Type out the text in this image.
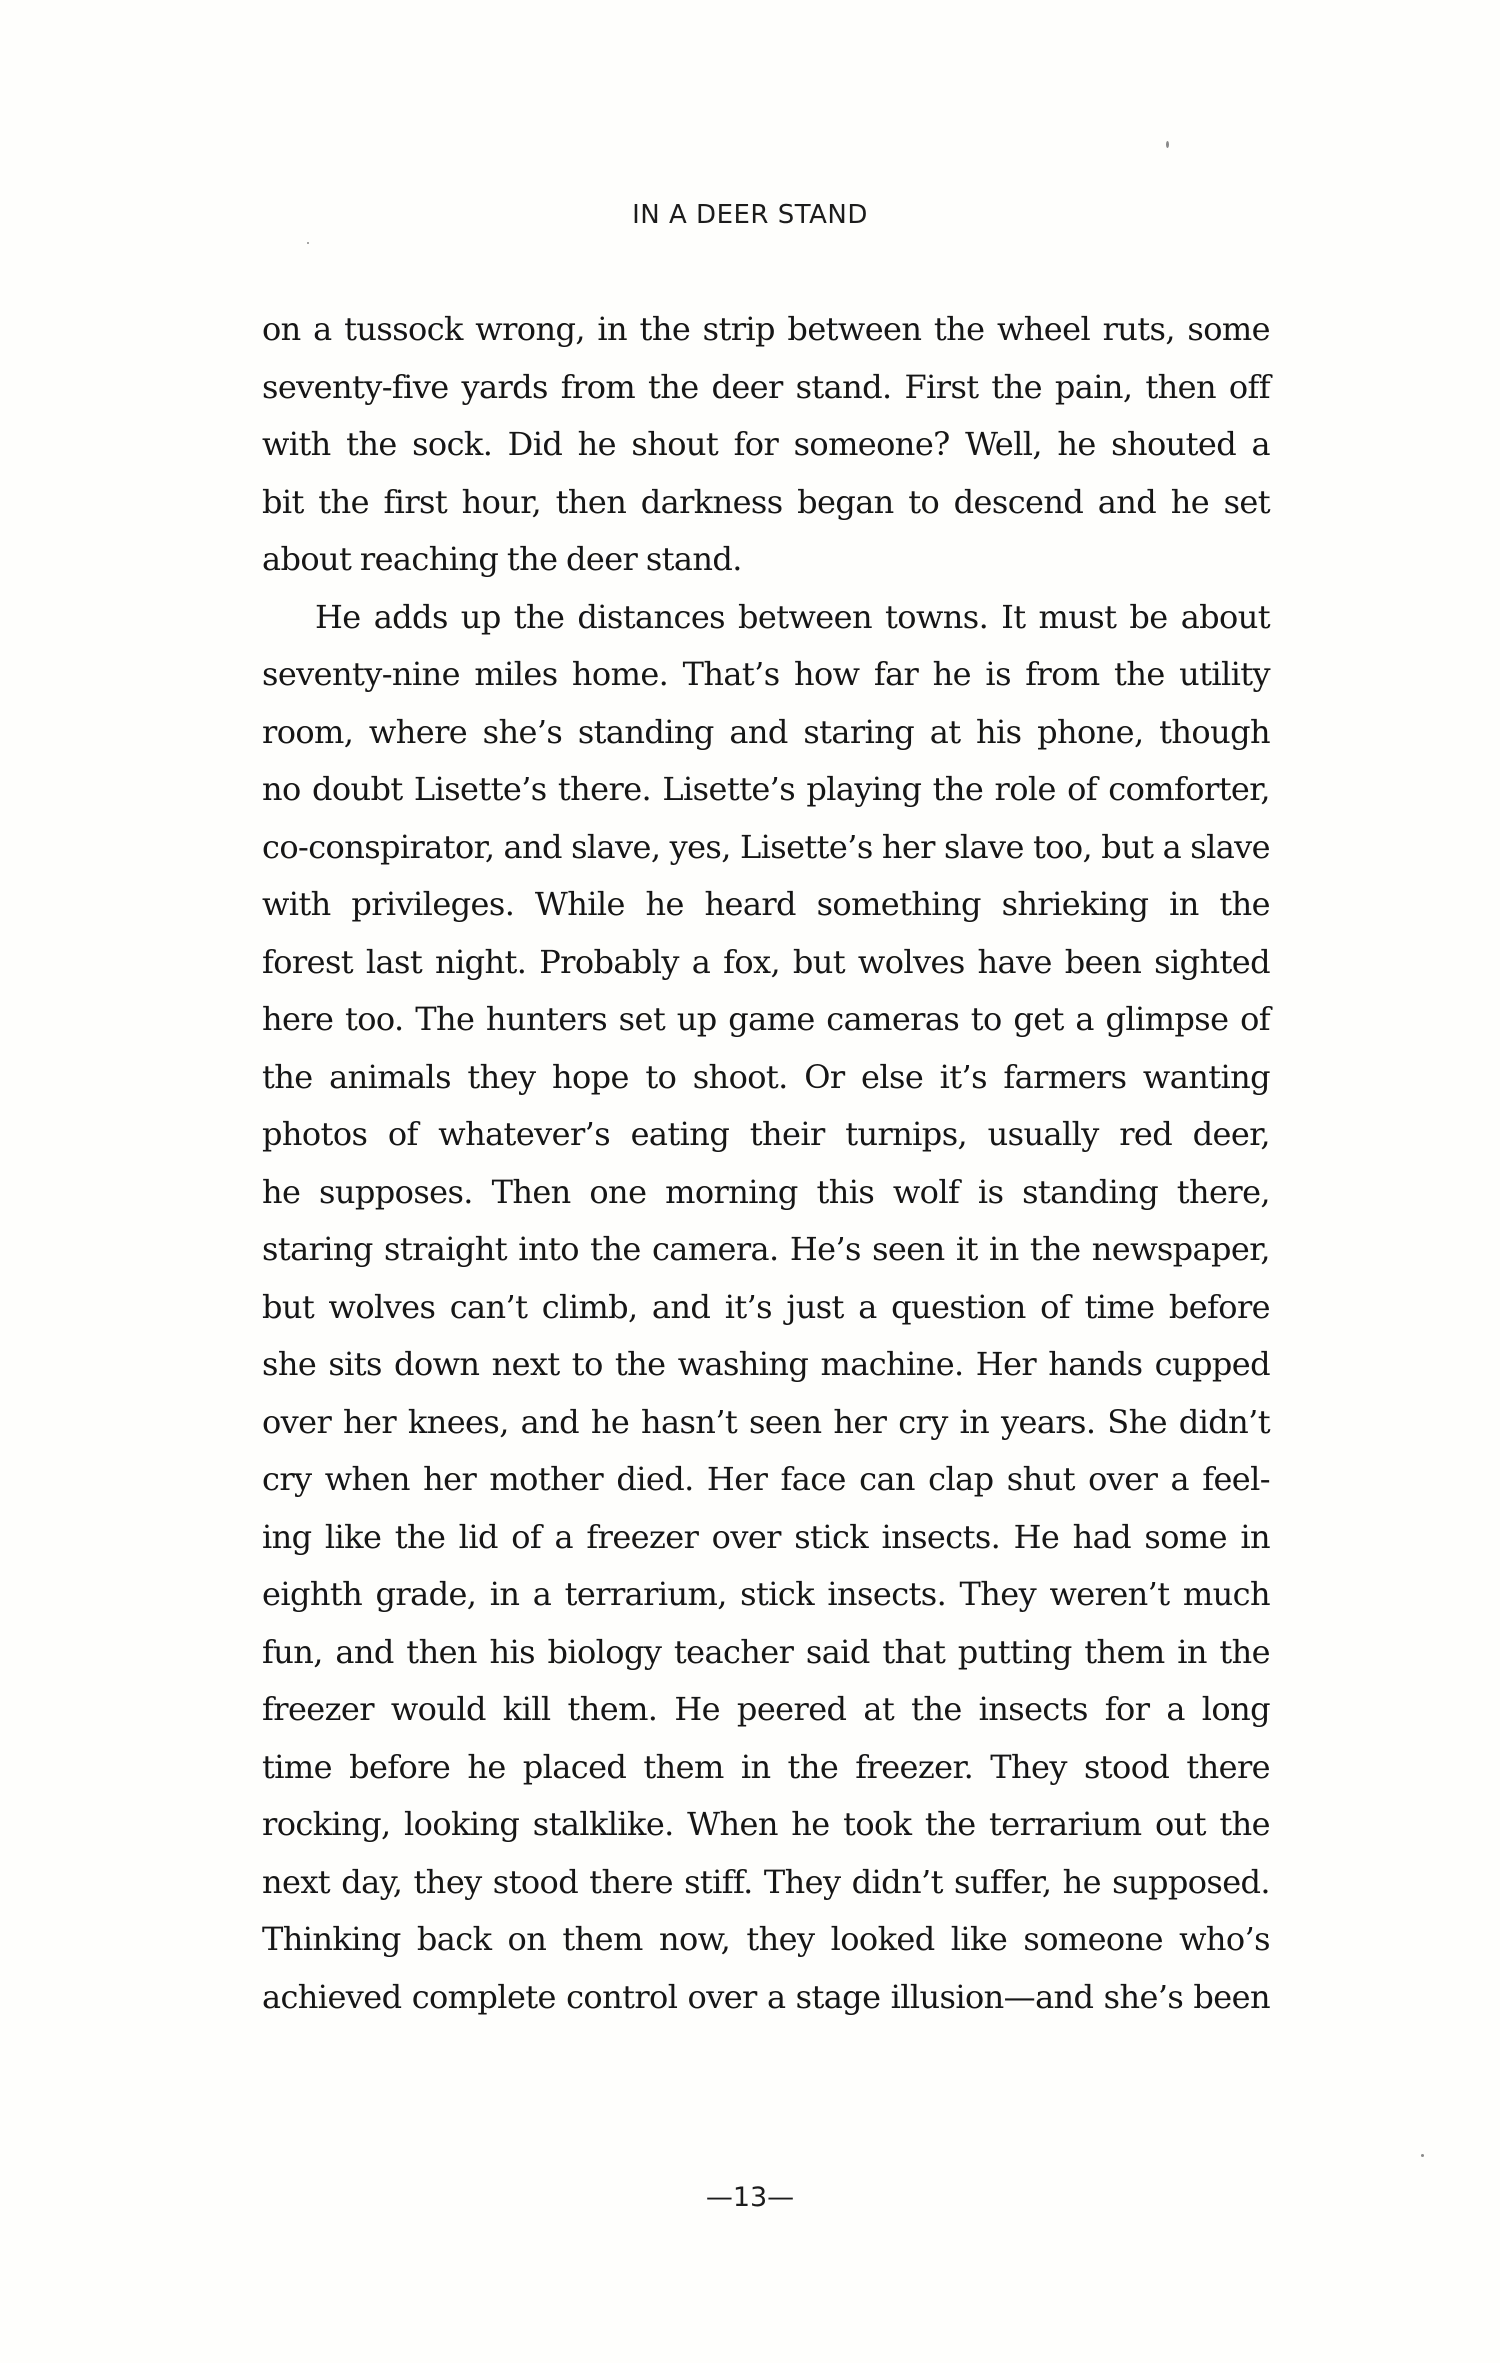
IN A DEER STAND
on a tussock wrong, in the strip between the wheel ruts, some
seventy-five yards from the deer stand. First the pain, then off
with the sock. Did he shout for someone? Well, he shouted a
bit the first hour, then darkness began to descend and he set
about reaching the deer stand.
He adds up the distances between towns. It must be about
seventy-nine miles home. That’s how far he is from the utility
room, where she’s standing and staring at his phone, though
no doubt Lisette’s there. Lisette’s playing the role of comforter,
co-conspirator, and slave, yes, Lisette’s her slave too, but a slave
with privileges. While he heard something shrieking in the
forest last night. Probably a fox, but wolves have been sighted
here too. The hunters set up game cameras to get a glimpse of
the animals they hope to shoot. Or else it’s farmers wanting
photos of whatever’s eating their turnips, usually red deer,
he supposes. Then one morning this wolf is standing there,
staring straight into the camera. He’s seen it in the newspaper,
but wolves can’t climb, and it’s just a question of time before
she sits down next to the washing machine. Her hands cupped
over her knees, and he hasn’t seen her cry in years. She didn’t
cry when her mother died. Her face can clap shut over a feel-
ing like the lid of a freezer over stick insects. He had some in
eighth grade, in a terrarium, stick insects. They weren’t much
fun, and then his biology teacher said that putting them in the
freezer would kill them. He peered at the insects for a long
time before he placed them in the freezer. They stood there
rocking, looking stalklike. When he took the terrarium out the
next day, they stood there stiff. They didn’t suffer, he supposed.
Thinking back on them now, they looked like someone who’s
achieved complete control over a stage illusion—and she’s been
—13—
